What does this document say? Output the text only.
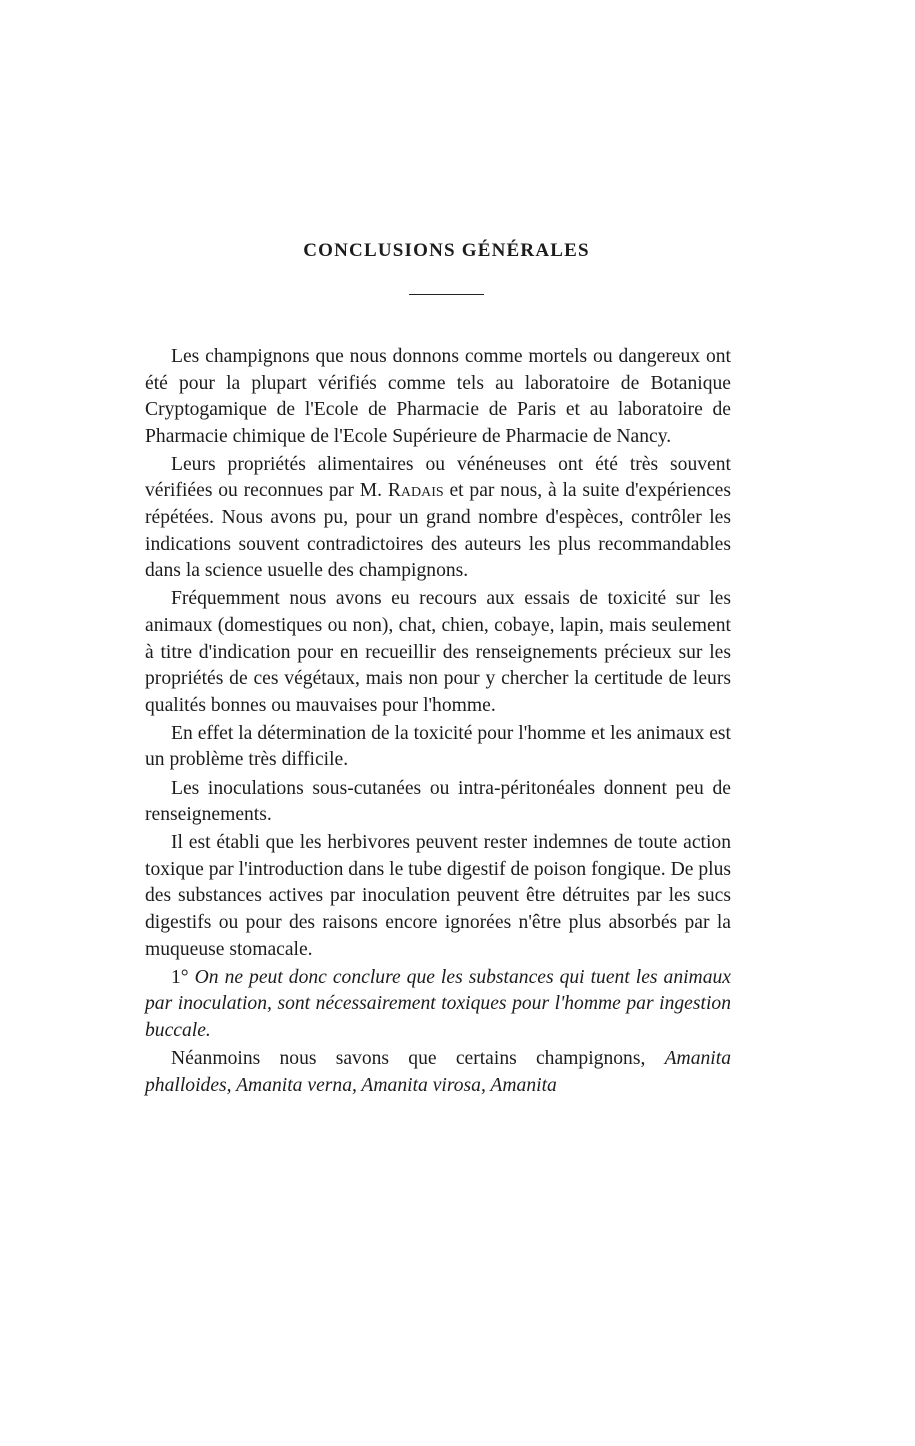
CONCLUSIONS GÉNÉRALES

Les champignons que nous donnons comme mortels ou dangereux ont été pour la plupart vérifiés comme tels au laboratoire de Botanique Cryptogamique de l'Ecole de Pharmacie de Paris et au laboratoire de Pharmacie chimique de l'Ecole Supérieure de Pharmacie de Nancy.

Leurs propriétés alimentaires ou vénéneuses ont été très souvent vérifiées ou reconnues par M. Radais et par nous, à la suite d'expériences répétées. Nous avons pu, pour un grand nombre d'espèces, contrôler les indications souvent contradictoires des auteurs les plus recommandables dans la science usuelle des champignons.

Fréquemment nous avons eu recours aux essais de toxicité sur les animaux (domestiques ou non), chat, chien, cobaye, lapin, mais seulement à titre d'indication pour en recueillir des renseignements précieux sur les propriétés de ces végétaux, mais non pour y chercher la certitude de leurs qualités bonnes ou mauvaises pour l'homme.

En effet la détermination de la toxicité pour l'homme et les animaux est un problème très difficile.

Les inoculations sous-cutanées ou intra-péritonéales donnent peu de renseignements.

Il est établi que les herbivores peuvent rester indemnes de toute action toxique par l'introduction dans le tube digestif de poison fongique. De plus des substances actives par inoculation peuvent être détruites par les sucs digestifs ou pour des raisons encore ignorées n'être plus absorbés par la muqueuse stomacale.

1° On ne peut donc conclure que les substances qui tuent les animaux par inoculation, sont nécessairement toxiques pour l'homme par ingestion buccale.

Néanmoins nous savons que certains champignons, Amanita phalloides, Amanita verna, Amanita virosa, Amanita
